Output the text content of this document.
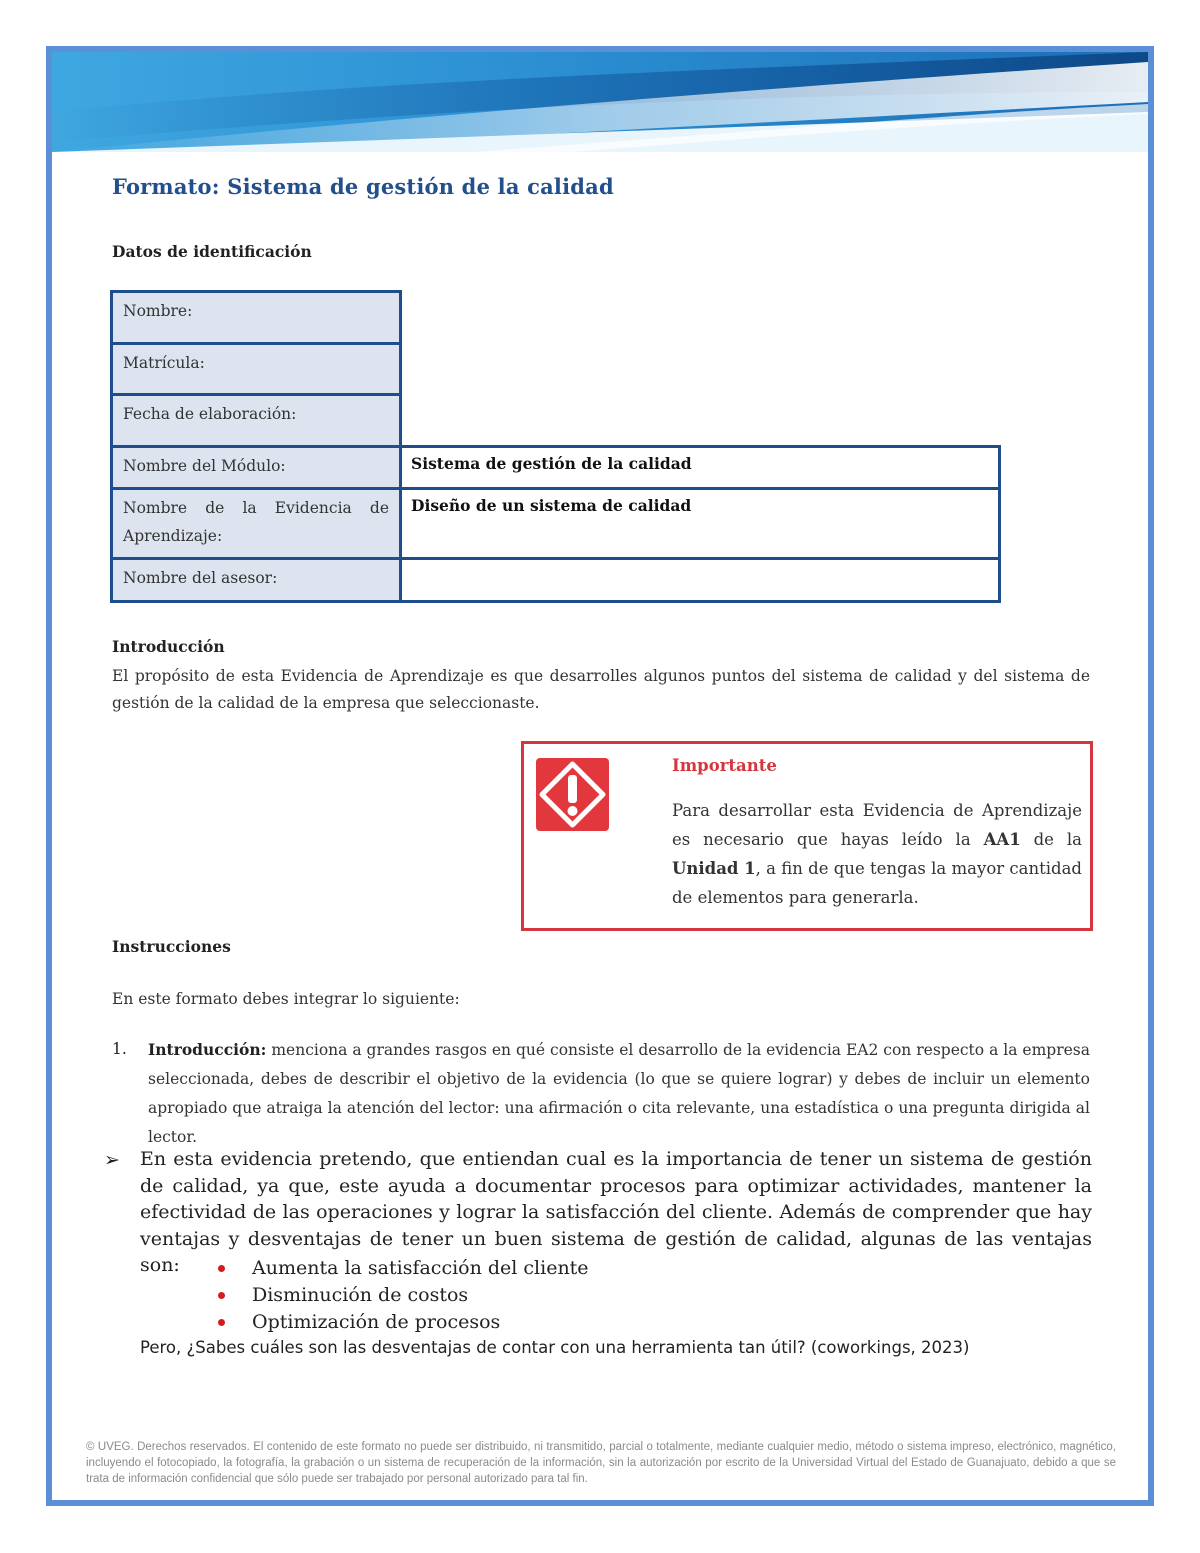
Formato: Sistema de gestión de la calidad
Datos de identificación
Nombre:
Matrícula:
Fecha de elaboración:
Nombre del Módulo:	Sistema de gestión de la calidad
Nombre de la Evidencia de Aprendizaje:
Diseño de un sistema de calidad
Nombre del asesor:
Introducción
El propósito de esta Evidencia de Aprendizaje es que desarrolles algunos puntos del sistema de calidad y del sistema de gestión de la calidad de la empresa que seleccionaste.
Importante
Para desarrollar esta Evidencia de Aprendizaje es necesario que hayas leído la AA1 de la Unidad 1, a fin de que tengas la mayor cantidad de elementos para generarla.
Instrucciones
En este formato debes integrar lo siguiente:
1. Introducción: menciona a grandes rasgos en qué consiste el desarrollo de la evidencia EA2 con respecto a la empresa seleccionada, debes de describir el objetivo de la evidencia (lo que se quiere lograr) y debes de incluir un elemento apropiado que atraiga la atención del lector: una afirmación o cita relevante, una estadística o una pregunta dirigida al lector.
➢ En esta evidencia pretendo, que entiendan cual es la importancia de tener un sistema de gestión de calidad, ya que, este ayuda a documentar procesos para optimizar actividades, mantener la efectividad de las operaciones y lograr la satisfacción del cliente. Además de comprender que hay ventajas y desventajas de tener un buen sistema de gestión de calidad, algunas de las ventajas son:	Aumenta la satisfacción del cliente
Disminución de costos
Optimización de procesos
Pero, ¿Sabes cuáles son las desventajas de contar con una herramienta tan útil? (coworkings, 2023)
© UVEG. Derechos reservados. El contenido de este formato no puede ser distribuido, ni transmitido, parcial o totalmente, mediante cualquier medio, método o sistema impreso, electrónico, magnético, incluyendo el fotocopiado, la fotografía, la grabación o un sistema de recuperación de la información, sin la autorización por escrito de la Universidad Virtual del Estado de Guanajuato, debido a que se trata de información confidencial que sólo puede ser trabajado por personal autorizado para tal fin.
